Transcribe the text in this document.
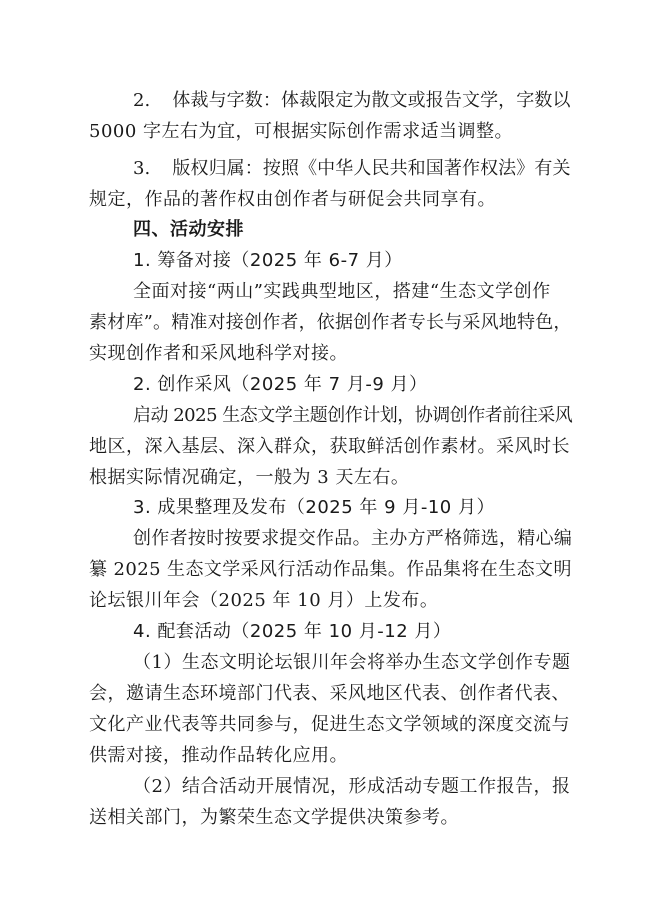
2. 体裁与字数：体裁限定为散文或报告文学，字数以
5000 字左右为宜，可根据实际创作需求适当调整。
3. 版权归属：按照《中华人民共和国著作权法》有关
规定，作品的著作权由创作者与研促会共同享有。
四、活动安排
1. 筹备对接（2025 年 6-7 月）
全面对接“两山”实践典型地区，搭建“生态文学创作
素材库”。精准对接创作者，依据创作者专长与采风地特色，
实现创作者和采风地科学对接。
2. 创作采风（2025 年 7 月-9 月）
启动 2025 生态文学主题创作计划，协调创作者前往采风
地区，深入基层、深入群众，获取鲜活创作素材。采风时长
根据实际情况确定，一般为 3 天左右。
3. 成果整理及发布（2025 年 9 月-10 月）
创作者按时按要求提交作品。主办方严格筛选，精心编
纂 2025 生态文学采风行活动作品集。作品集将在生态文明
论坛银川年会（2025 年 10 月）上发布。
4. 配套活动（2025 年 10 月-12 月）
（1）生态文明论坛银川年会将举办生态文学创作专题
会，邀请生态环境部门代表、采风地区代表、创作者代表、
文化产业代表等共同参与，促进生态文学领域的深度交流与
供需对接，推动作品转化应用。
（2）结合活动开展情况，形成活动专题工作报告，报
送相关部门，为繁荣生态文学提供决策参考。
